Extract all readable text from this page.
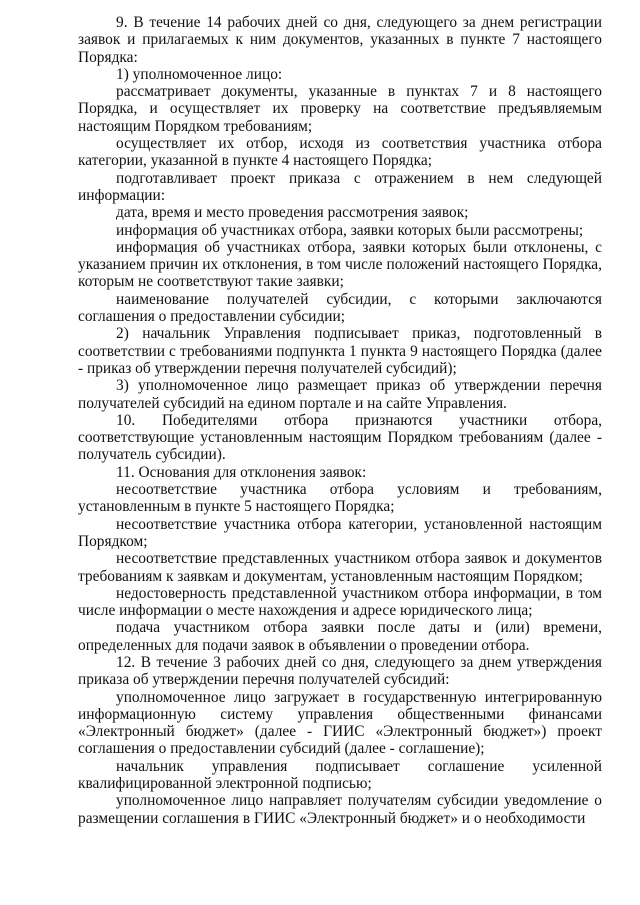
9. В течение 14 рабочих дней со дня, следующего за днем регистрации заявок и прилагаемых к ним документов, указанных в пункте 7 настоящего Порядка:

1) уполномоченное лицо:

рассматривает документы, указанные в пунктах 7 и 8 настоящего Порядка, и осуществляет их проверку на соответствие предъявляемым настоящим Порядком требованиям;

осуществляет их отбор, исходя из соответствия участника отбора категории, указанной в пункте 4 настоящего Порядка;

подготавливает проект приказа с отражением в нем следующей информации:

дата, время и место проведения рассмотрения заявок;

информация об участниках отбора, заявки которых были рассмотрены;

информация об участниках отбора, заявки которых были отклонены, с указанием причин их отклонения, в том числе положений настоящего Порядка, которым не соответствуют такие заявки;

наименование получателей субсидии, с которыми заключаются соглашения о предоставлении субсидии;

2) начальник Управления подписывает приказ, подготовленный в соответствии с требованиями подпункта 1 пункта 9 настоящего Порядка (далее - приказ об утверждении перечня получателей субсидий);

3) уполномоченное лицо размещает приказ об утверждении перечня получателей субсидий на едином портале и на сайте Управления.

10. Победителями отбора признаются участники отбора, соответствующие установленным настоящим Порядком требованиям (далее - получатель субсидии).

11. Основания для отклонения заявок:

несоответствие участника отбора условиям и требованиям, установленным в пункте 5 настоящего Порядка;

несоответствие участника отбора категории, установленной настоящим Порядком;

несоответствие представленных участником отбора заявок и документов требованиям к заявкам и документам, установленным настоящим Порядком;

недостоверность представленной участником отбора информации, в том числе информации о месте нахождения и адресе юридического лица;

подача участником отбора заявки после даты и (или) времени, определенных для подачи заявок в объявлении о проведении отбора.

12. В течение 3 рабочих дней со дня, следующего за днем утверждения приказа об утверждении перечня получателей субсидий:

уполномоченное лицо загружает в государственную интегрированную информационную систему управления общественными финансами «Электронный бюджет» (далее - ГИИС «Электронный бюджет») проект соглашения о предоставлении субсидий (далее - соглашение);

начальник управления подписывает соглашение усиленной квалифицированной электронной подписью;

уполномоченное лицо направляет получателям субсидии уведомление о размещении соглашения в ГИИС «Электронный бюджет» и о необходимости
